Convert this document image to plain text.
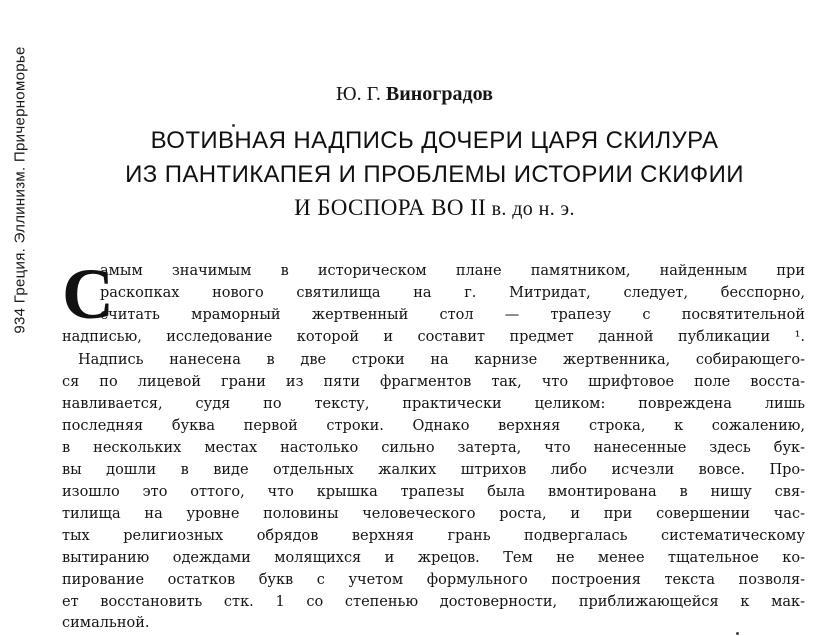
934 Греция. Эллинизм. Причерноморье	Ю. Г. Виноградов
ВОТИВНАЯ НАДПИСЬ ДОЧЕРИ ЦАРЯ СКИЛУРА
ИЗ ПАНТИКАПЕЯ И ПРОБЛЕМЫ ИСТОРИИ СКИФИИ
И БОСПОРА ВО II в. до н. э.
С
амым значимым в историческом плане памятником, найденным при
раскопках нового святилища на г. Митридат, следует, бесспорно,
считать мраморный жертвенный стол — трапезу с посвятительной
надписью, исследование которой и составит предмет данной публикации ¹.
Надпись нанесена в две строки на карнизе жертвенника, собирающего-
ся по лицевой грани из пяти фрагментов так, что шрифтовое поле восста-
навливается, судя по тексту, практически целиком: повреждена лишь
последняя буква первой строки. Однако верхняя строка, к сожалению,
в нескольких местах настолько сильно затерта, что нанесенные здесь бук-
вы дошли в виде отдельных жалких штрихов либо исчезли вовсе. Про-
изошло это оттого, что крышка трапезы была вмонтирована в нишу свя-
тилища на уровне половины человеческого роста, и при совершении час-
тых религиозных обрядов верхняя грань подвергалась систематическому
вытиранию одеждами молящихся и жрецов. Тем не менее тщательное ко-
пирование остатков букв с учетом формульного построения текста позволя-
ет восстановить стк. 1 со степенью достоверности, приближающейся к мак-
симальной.
